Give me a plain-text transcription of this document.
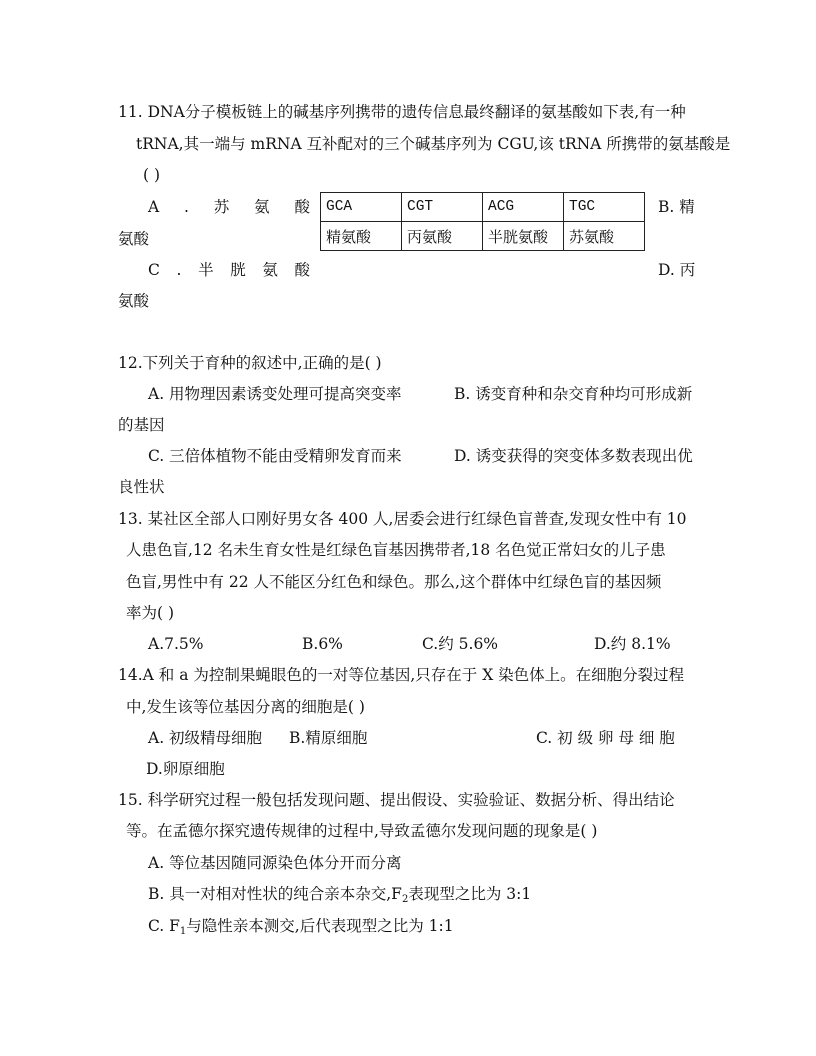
11. DNA分子模板链上的碱基序列携带的遗传信息最终翻译的氨基酸如下表,有一种
tRNA,其一端与 mRNA 互补配对的三个碱基序列为 CGU,该 tRNA 所携带的氨基酸是
( )
A . 苏 氨 酸
氨酸
GCA	CGT	ACG	TGC
精氨酸	丙氨酸	半胱氨酸	苏氨酸
B. 精
C . 半 胱 氨 酸	D. 丙
氨酸
12.下列关于育种的叙述中,正确的是( )
A. 用物理因素诱变处理可提高突变率	B. 诱变育种和杂交育种均可形成新
的基因
C. 三倍体植物不能由受精卵发育而来	D. 诱变获得的突变体多数表现出优
良性状
13. 某社区全部人口刚好男女各 400 人,居委会进行红绿色盲普查,发现女性中有 10
人患色盲,12 名未生育女性是红绿色盲基因携带者,18 名色觉正常妇女的儿子患
色盲,男性中有 22 人不能区分红色和绿色。那么,这个群体中红绿色盲的基因频
率为( )
A.7.5%	B.6%	C.约 5.6%	D.约 8.1%
14.A 和 a 为控制果蝇眼色的一对等位基因,只存在于 X 染色体上。在细胞分裂过程
中,发生该等位基因分离的细胞是( )
A. 初级精母细胞 B.精原细胞	C. 初 级 卵 母 细 胞
D.卵原细胞
15. 科学研究过程一般包括发现问题、提出假设、实验验证、数据分析、得出结论
等。在孟德尔探究遗传规律的过程中,导致孟德尔发现问题的现象是( )
A. 等位基因随同源染色体分开而分离
B. 具一对相对性状的纯合亲本杂交$,F_2$表现型之比为 3:1
C. $F_1$与隐性亲本测交,后代表现型之比为 1:1
